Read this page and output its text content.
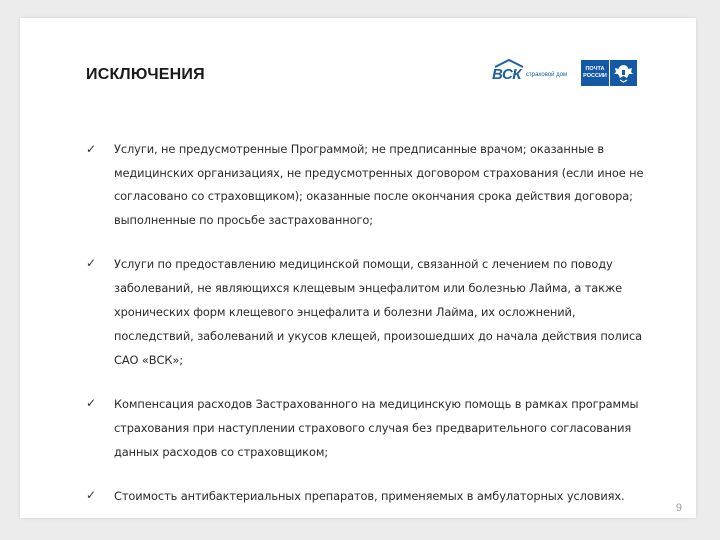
ИСКЛЮЧЕНИЯ	ВСК страховой дом
ПОЧТА
РОССИИ
✓ Услуги, не предусмотренные Программой; не предписанные врачом; оказанные в медицинских организациях, не предусмотренных договором страхования (если иное не согласовано со страховщиком); оказанные после окончания срока действия договора; выполненные по просьбе застрахованного;
✓ Услуги по предоставлению медицинской помощи, связанной с лечением по поводу заболеваний, не являющихся клещевым энцефалитом или болезнью Лайма, а также хронических форм клещевого энцефалита и болезни Лайма, их осложнений, последствий, заболеваний и укусов клещей, произошедших до начала действия полиса САО «ВСК»;
✓ Компенсация расходов Застрахованного на медицинскую помощь в рамках программы страхования при наступлении страхового случая без предварительного согласования данных расходов со страховщиком;
✓ Стоимость антибактериальных препаратов, применяемых в амбулаторных условиях.
9
